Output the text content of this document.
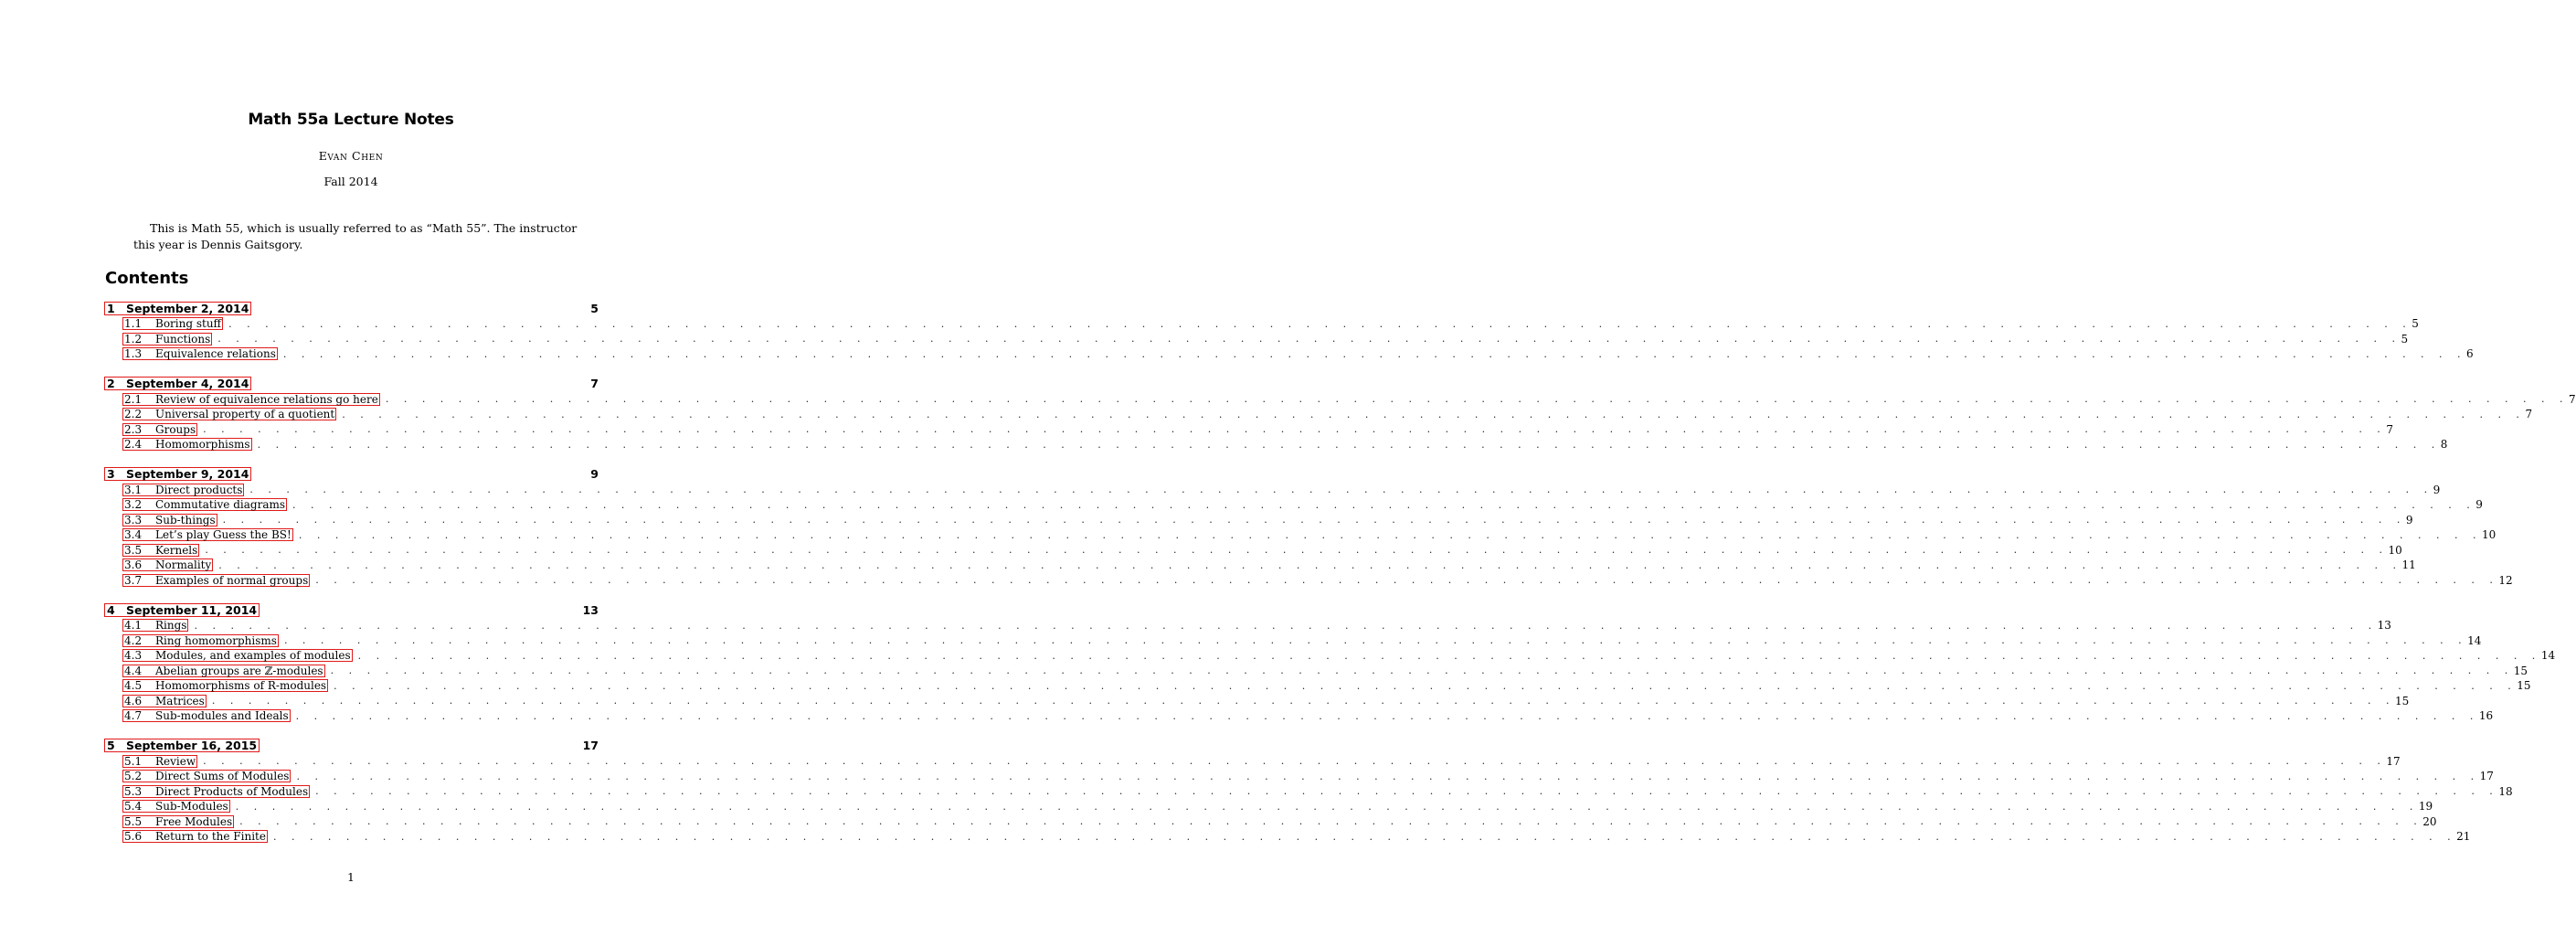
Math 55a Lecture Notes
Evan Chen
Fall 2014
This is Math 55, which is usually referred to as “Math 55”. The instructor this year is Dennis Gaitsgory.
Contents
1 September 2, 2014	5
1.1	Boring stuff . . . . . . . . . . . . . . . . . . . . . . . . . . . . . . . . . . . . . . . . . . . . . . . . . . . . . . . . . . . . . . . . . . . . . . . . . . . . . . . . . . . . . . . . . . . . . . . . . . . . . . . . . . . . . . . . . . . . . . . . 5
1.2	Functions . . . . . . . . . . . . . . . . . . . . . . . . . . . . . . . . . . . . . . . . . . . . . . . . . . . . . . . . . . . . . . . . . . . . . . . . . . . . . . . . . . . . . . . . . . . . . . . . . . . . . . . . . . . . . . . . . . . . . . . . 5
1.3	Equivalence relations . . . . . . . . . . . . . . . . . . . . . . . . . . . . . . . . . . . . . . . . . . . . . . . . . . . . . . . . . . . . . . . . . . . . . . . . . . . . . . . . . . . . . . . . . . . . . . . . . . . . . . . . . . . . . . . . . . . . . . . . 6
2 September 4, 2014	7
2.1	Review of equivalence relations go here . . . . . . . . . . . . . . . . . . . . . . . . . . . . . . . . . . . . . . . . . . . . . . . . . . . . . . . . . . . . . . . . . . . . . . . . . . . . . . . . . . . . . . . . . . . . . . . . . . . . . . . . . . . . . . . . . . . . . . . . 7
2.2	Universal property of a quotient . . . . . . . . . . . . . . . . . . . . . . . . . . . . . . . . . . . . . . . . . . . . . . . . . . . . . . . . . . . . . . . . . . . . . . . . . . . . . . . . . . . . . . . . . . . . . . . . . . . . . . . . . . . . . . . . . . . . . . . . 7
2.3	Groups . . . . . . . . . . . . . . . . . . . . . . . . . . . . . . . . . . . . . . . . . . . . . . . . . . . . . . . . . . . . . . . . . . . . . . . . . . . . . . . . . . . . . . . . . . . . . . . . . . . . . . . . . . . . . . . . . . . . . . . . 7
2.4	Homomorphisms . . . . . . . . . . . . . . . . . . . . . . . . . . . . . . . . . . . . . . . . . . . . . . . . . . . . . . . . . . . . . . . . . . . . . . . . . . . . . . . . . . . . . . . . . . . . . . . . . . . . . . . . . . . . . . . . . . . . . . . . 8
3 September 9, 2014	9
3.1	Direct products . . . . . . . . . . . . . . . . . . . . . . . . . . . . . . . . . . . . . . . . . . . . . . . . . . . . . . . . . . . . . . . . . . . . . . . . . . . . . . . . . . . . . . . . . . . . . . . . . . . . . . . . . . . . . . . . . . . . . . . . 9
3.2	Commutative diagrams . . . . . . . . . . . . . . . . . . . . . . . . . . . . . . . . . . . . . . . . . . . . . . . . . . . . . . . . . . . . . . . . . . . . . . . . . . . . . . . . . . . . . . . . . . . . . . . . . . . . . . . . . . . . . . . . . . . . . . . . 9
3.3	Sub-things . . . . . . . . . . . . . . . . . . . . . . . . . . . . . . . . . . . . . . . . . . . . . . . . . . . . . . . . . . . . . . . . . . . . . . . . . . . . . . . . . . . . . . . . . . . . . . . . . . . . . . . . . . . . . . . . . . . . . . . . 9
3.4	Let’s play Guess the BS! . . . . . . . . . . . . . . . . . . . . . . . . . . . . . . . . . . . . . . . . . . . . . . . . . . . . . . . . . . . . . . . . . . . . . . . . . . . . . . . . . . . . . . . . . . . . . . . . . . . . . . . . . . . . . . . . . . . . . . . . 10
3.5	Kernels . . . . . . . . . . . . . . . . . . . . . . . . . . . . . . . . . . . . . . . . . . . . . . . . . . . . . . . . . . . . . . . . . . . . . . . . . . . . . . . . . . . . . . . . . . . . . . . . . . . . . . . . . . . . . . . . . . . . . . . . 10
3.6	Normality . . . . . . . . . . . . . . . . . . . . . . . . . . . . . . . . . . . . . . . . . . . . . . . . . . . . . . . . . . . . . . . . . . . . . . . . . . . . . . . . . . . . . . . . . . . . . . . . . . . . . . . . . . . . . . . . . . . . . . . . 11
3.7	Examples of normal groups . . . . . . . . . . . . . . . . . . . . . . . . . . . . . . . . . . . . . . . . . . . . . . . . . . . . . . . . . . . . . . . . . . . . . . . . . . . . . . . . . . . . . . . . . . . . . . . . . . . . . . . . . . . . . . . . . . . . . . . . 12
4 September 11, 2014	13
4.1	Rings . . . . . . . . . . . . . . . . . . . . . . . . . . . . . . . . . . . . . . . . . . . . . . . . . . . . . . . . . . . . . . . . . . . . . . . . . . . . . . . . . . . . . . . . . . . . . . . . . . . . . . . . . . . . . . . . . . . . . . . . 13
4.2	Ring homomorphisms . . . . . . . . . . . . . . . . . . . . . . . . . . . . . . . . . . . . . . . . . . . . . . . . . . . . . . . . . . . . . . . . . . . . . . . . . . . . . . . . . . . . . . . . . . . . . . . . . . . . . . . . . . . . . . . . . . . . . . . . 14
4.3	Modules, and examples of modules . . . . . . . . . . . . . . . . . . . . . . . . . . . . . . . . . . . . . . . . . . . . . . . . . . . . . . . . . . . . . . . . . . . . . . . . . . . . . . . . . . . . . . . . . . . . . . . . . . . . . . . . . . . . . . . . . . . . . . . . 14
4.4	Abelian groups are ℤ-modules . . . . . . . . . . . . . . . . . . . . . . . . . . . . . . . . . . . . . . . . . . . . . . . . . . . . . . . . . . . . . . . . . . . . . . . . . . . . . . . . . . . . . . . . . . . . . . . . . . . . . . . . . . . . . . . . . . . . . . . . 15
4.5	Homomorphisms of R-modules . . . . . . . . . . . . . . . . . . . . . . . . . . . . . . . . . . . . . . . . . . . . . . . . . . . . . . . . . . . . . . . . . . . . . . . . . . . . . . . . . . . . . . . . . . . . . . . . . . . . . . . . . . . . . . . . . . . . . . . . 15
4.6	Matrices . . . . . . . . . . . . . . . . . . . . . . . . . . . . . . . . . . . . . . . . . . . . . . . . . . . . . . . . . . . . . . . . . . . . . . . . . . . . . . . . . . . . . . . . . . . . . . . . . . . . . . . . . . . . . . . . . . . . . . . . 15
4.7	Sub-modules and Ideals . . . . . . . . . . . . . . . . . . . . . . . . . . . . . . . . . . . . . . . . . . . . . . . . . . . . . . . . . . . . . . . . . . . . . . . . . . . . . . . . . . . . . . . . . . . . . . . . . . . . . . . . . . . . . . . . . . . . . . . . 16
5 September 16, 2015	17
5.1	Review . . . . . . . . . . . . . . . . . . . . . . . . . . . . . . . . . . . . . . . . . . . . . . . . . . . . . . . . . . . . . . . . . . . . . . . . . . . . . . . . . . . . . . . . . . . . . . . . . . . . . . . . . . . . . . . . . . . . . . . . 17
5.2	Direct Sums of Modules . . . . . . . . . . . . . . . . . . . . . . . . . . . . . . . . . . . . . . . . . . . . . . . . . . . . . . . . . . . . . . . . . . . . . . . . . . . . . . . . . . . . . . . . . . . . . . . . . . . . . . . . . . . . . . . . . . . . . . . . 17
5.3	Direct Products of Modules . . . . . . . . . . . . . . . . . . . . . . . . . . . . . . . . . . . . . . . . . . . . . . . . . . . . . . . . . . . . . . . . . . . . . . . . . . . . . . . . . . . . . . . . . . . . . . . . . . . . . . . . . . . . . . . . . . . . . . . . 18
5.4	Sub-Modules . . . . . . . . . . . . . . . . . . . . . . . . . . . . . . . . . . . . . . . . . . . . . . . . . . . . . . . . . . . . . . . . . . . . . . . . . . . . . . . . . . . . . . . . . . . . . . . . . . . . . . . . . . . . . . . . . . . . . . . . 19
5.5	Free Modules . . . . . . . . . . . . . . . . . . . . . . . . . . . . . . . . . . . . . . . . . . . . . . . . . . . . . . . . . . . . . . . . . . . . . . . . . . . . . . . . . . . . . . . . . . . . . . . . . . . . . . . . . . . . . . . . . . . . . . . . 20
5.6	Return to the Finite . . . . . . . . . . . . . . . . . . . . . . . . . . . . . . . . . . . . . . . . . . . . . . . . . . . . . . . . . . . . . . . . . . . . . . . . . . . . . . . . . . . . . . . . . . . . . . . . . . . . . . . . . . . . . . . . . . . . . . . . 21
1
